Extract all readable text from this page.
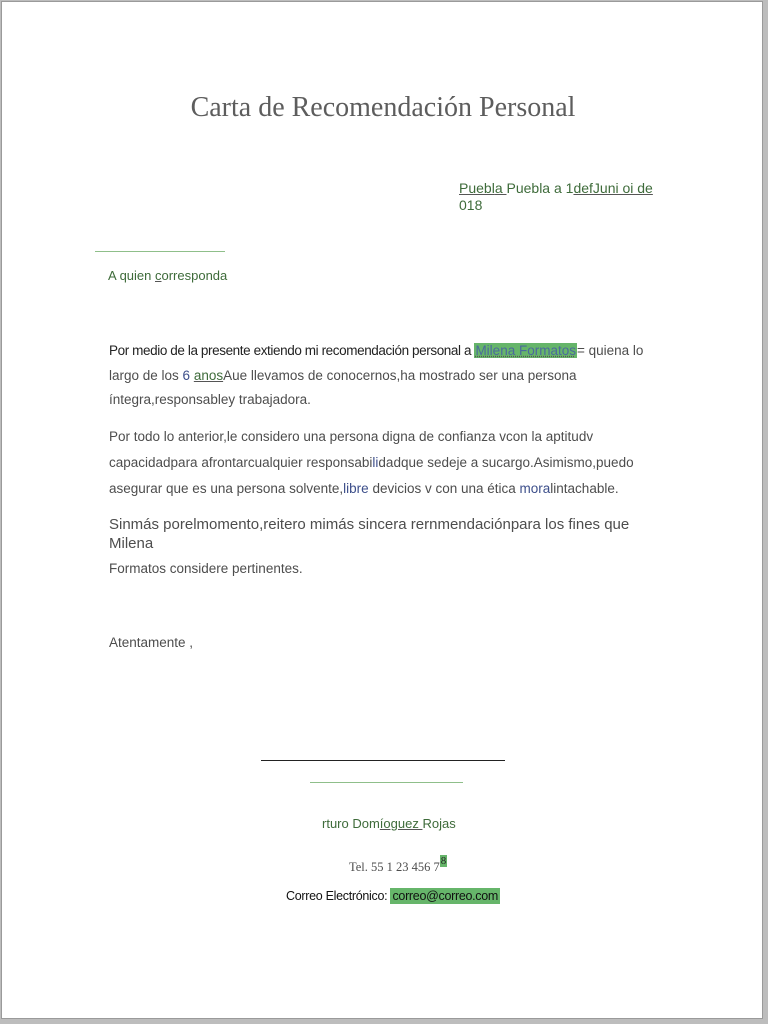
Carta de Recomendación Personal
Puebla Puebla a 1defJuni oi de
018
A quien corresponda
Por medio de la presente extiendo mi recomendación personal a Milena Formatos= quiena lo
largo de los 6 anosAue llevamos de conocernos,ha mostrado ser una persona
íntegra,responsabley trabajadora.
Por todo lo anterior,le considero una persona digna de confianza vcon la aptitudv
capacidadpara afrontarcualquier responsabilidadque sedeje a sucargo.Asimismo,puedo
asegurar que es una persona solvente,libre devicios v con una ética moralintachable.
Sinmás porelmomento,reitero mimás sincera rernmendaciónpara los fines que
Milena
Formatos considere pertinentes.
Atentamente ,
rturo Domíoguez Rojas
Tel. 55 1 23 456 78
Correo Electrónico: correo@correo.com
